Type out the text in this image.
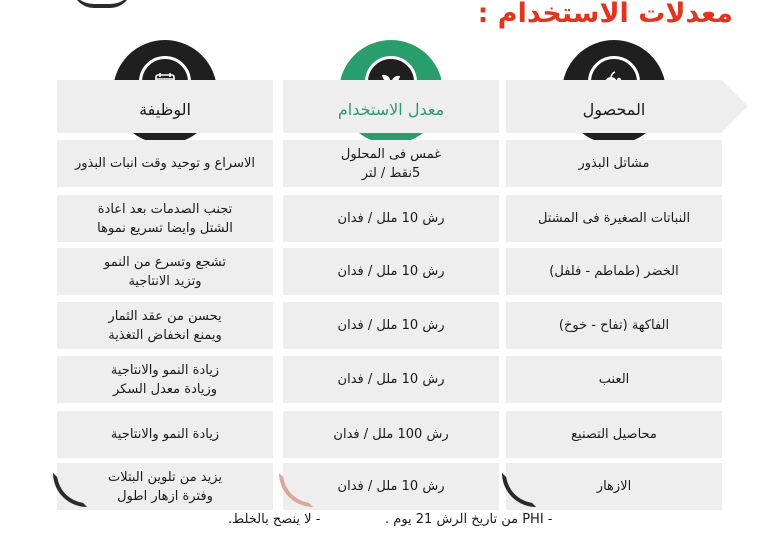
معدلات الاستخدام :
المحصول
مشاتل البذور
النباتات الصغيرة فى المشتل
الخضر (طماطم - فلفل)
الفاكهة (تفاح - خوخ)
العنب
محاصيل التصنيع
الازهار
معدل الاستخدام
غمس فى المحلول
5نقط / لتر
رش 10 ملل / فدان
رش 10 ملل / فدان
رش 10 ملل / فدان
رش 10 ملل / فدان
رش 100 ملل / فدان
رش 10 ملل / فدان
الوظيفة
الاسراع و توحيد وقت انبات البذور
تجنب الصدمات بعد اعادة
الشتل وايضا تسريع نموها
تشجع وتسرع من النمو
وتزيد الانتاجية
يحسن من عقد الثمار
ويمنع انخفاض التغذية
زيادة النمو والانتاجية
وزيادة معدل السكر
زيادة النمو والانتاجية
يزيد من تلوين البتلات
وفترة ازهار اطول
- PHI من تاريخ الرش 21 يوم .
- لا ينصح بالخلط.
